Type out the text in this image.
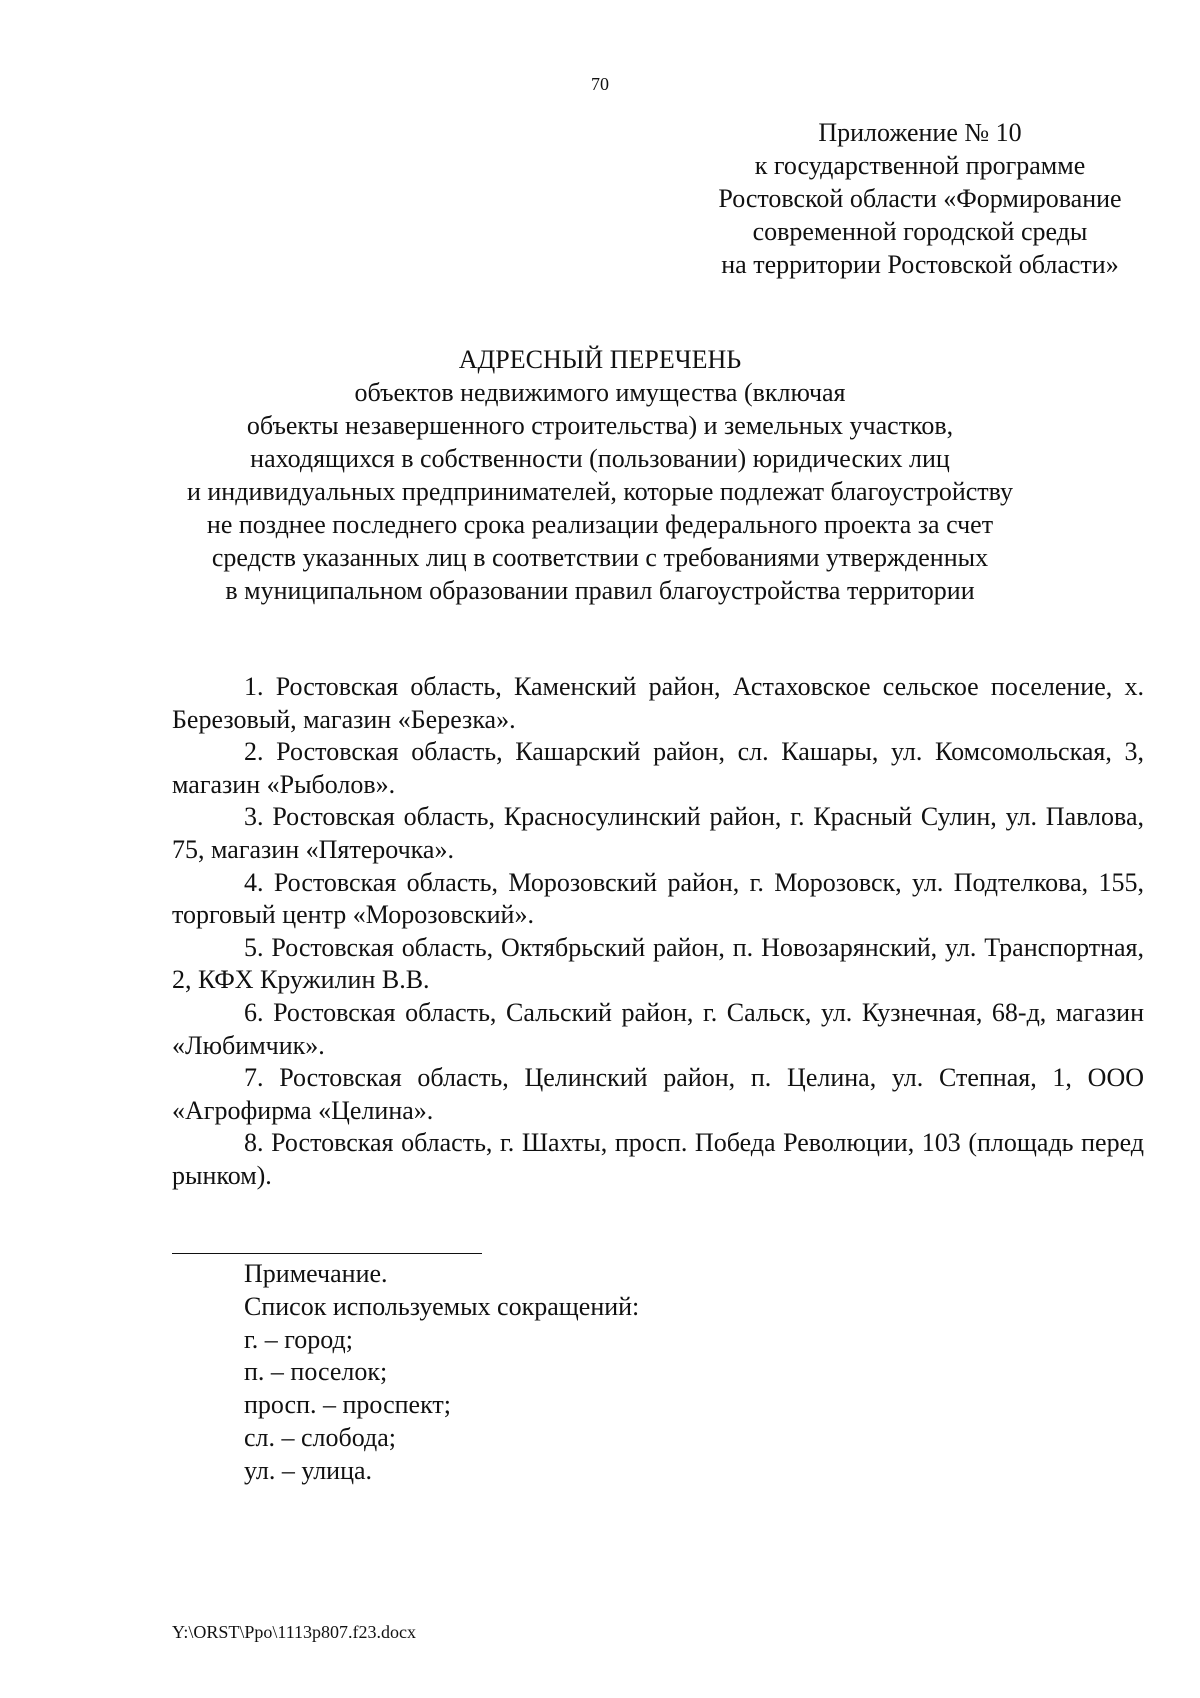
70
Приложение № 10
к государственной программе
Ростовской области «Формирование
современной городской среды
на территории Ростовской области»
АДРЕСНЫЙ ПЕРЕЧЕНЬ
объектов недвижимого имущества (включая
объекты незавершенного строительства) и земельных участков,
находящихся в собственности (пользовании) юридических лиц
и индивидуальных предпринимателей, которые подлежат благоустройству
не позднее последнего срока реализации федерального проекта за счет
средств указанных лиц в соответствии с требованиями утвержденных
в муниципальном образовании правил благоустройства территории

1. Ростовская область, Каменский район, Астаховское сельское поселение, х. Березовый, магазин «Березка».

2. Ростовская область, Кашарский район, сл. Кашары, ул. Комсомольская, 3, магазин «Рыболов».

3. Ростовская область, Красносулинский район, г. Красный Сулин, ул. Павлова, 75, магазин «Пятерочка».

4. Ростовская область, Морозовский район, г. Морозовск, ул. Подтелкова, 155, торговый центр «Морозовский».

5. Ростовская область, Октябрьский район, п. Новозарянский, ул. Транспортная, 2, КФХ Кружилин В.В.

6. Ростовская область, Сальский район, г. Сальск, ул. Кузнечная, 68-д, магазин «Любимчик».

7. Ростовская область, Целинский район, п. Целина, ул. Степная, 1, ООО «Агрофирма «Целина».

8. Ростовская область, г. Шахты, просп. Победа Революции, 103 (площадь перед рынком).

Примечание.
Список используемых сокращений:
г. – город;
п. – поселок;
просп. – проспект;
сл. – слобода;
ул. – улица.
Y:\ORST\Ppo\1113p807.f23.docx
